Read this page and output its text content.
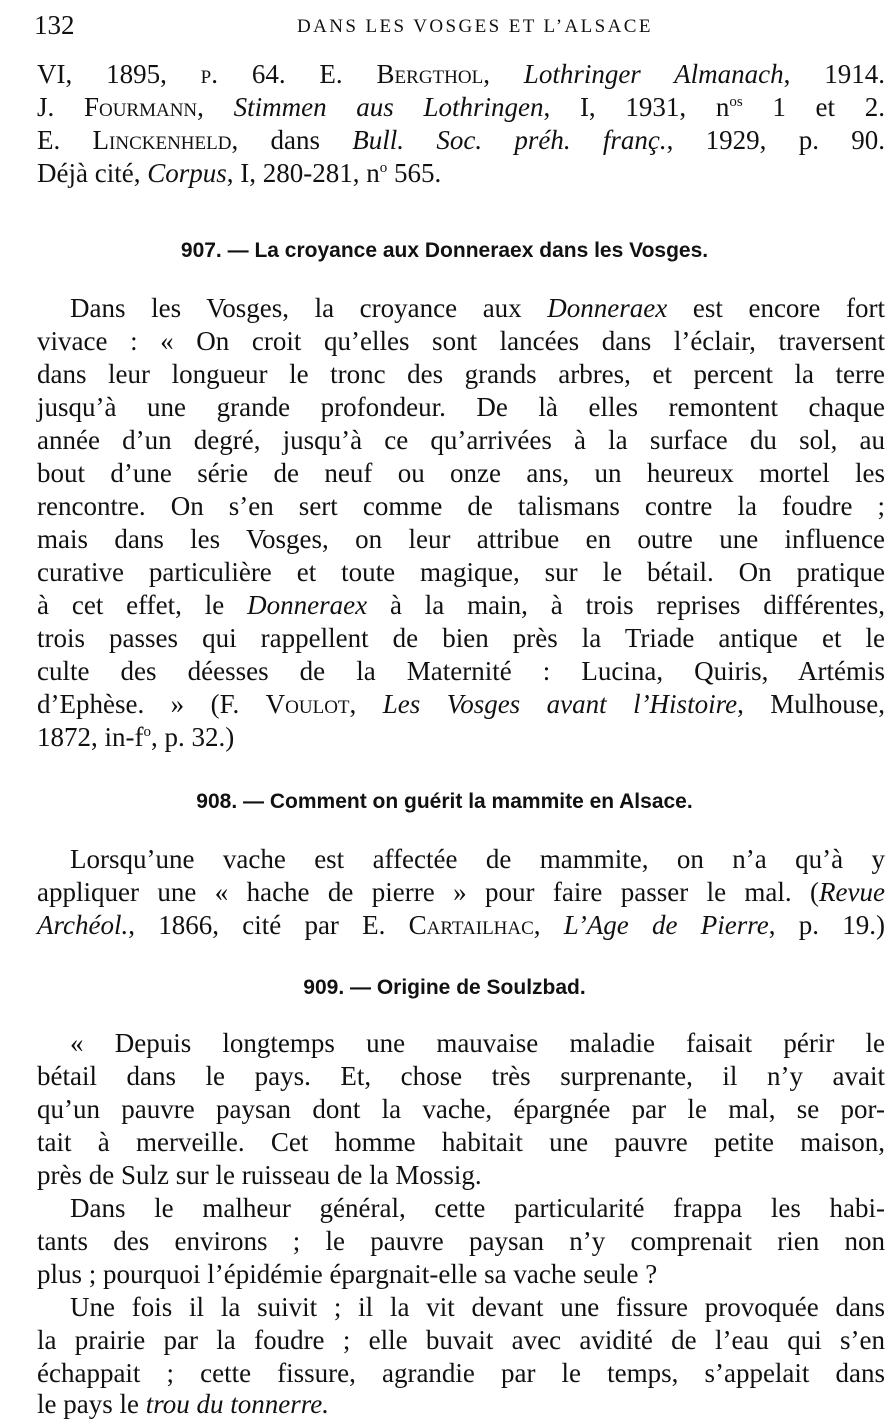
132	DANS LES VOSGES ET L’ALSACE
VI, 1895, p. 64. E. Bergthol, Lothringer Almanach, 1914.
J. Fourmann, Stimmen aus Lothringen, I, 1931, $n^{os}$ 1 et 2.
E. Linckenheld, dans Bull. Soc. préh. franç., 1929, p. 90.
Déjà cité, Corpus, I, 280-281, $n^o$ 565.
907. — La croyance aux Donneraex dans les Vosges.
Dans les Vosges, la croyance aux Donneraex est encore fort
vivace : « On croit qu’elles sont lancées dans l’éclair, traversent
dans leur longueur le tronc des grands arbres, et percent la terre
jusqu’à une grande profondeur. De là elles remontent chaque
année d’un degré, jusqu’à ce qu’arrivées à la surface du sol, au
bout d’une série de neuf ou onze ans, un heureux mortel les
rencontre. On s’en sert comme de talismans contre la foudre ;
mais dans les Vosges, on leur attribue en outre une influence
curative particulière et toute magique, sur le bétail. On pratique
à cet effet, le Donneraex à la main, à trois reprises différentes,
trois passes qui rappellent de bien près la Triade antique et le
culte des déesses de la Maternité : Lucina, Quiris, Artémis
d’Ephèse. » (F. Voulot, Les Vosges avant l’Histoire, Mulhouse,
1872, $in-f^o$, p. 32.)
908. — Comment on guérit la mammite en Alsace.
Lorsqu’une vache est affectée de mammite, on n’a qu’à y
appliquer une « hache de pierre » pour faire passer le mal. (Revue
Archéol., 1866, cité par E. Cartailhac, L’Age de Pierre, p. 19.)
909. — Origine de Soulzbad.
« Depuis longtemps une mauvaise maladie faisait périr le
bétail dans le pays. Et, chose très surprenante, il n’y avait
qu’un pauvre paysan dont la vache, épargnée par le mal, se por-
tait à merveille. Cet homme habitait une pauvre petite maison,
près de Sulz sur le ruisseau de la Mossig.
Dans le malheur général, cette particularité frappa les habi-
tants des environs ; le pauvre paysan n’y comprenait rien non
plus ; pourquoi l’épidémie épargnait-elle sa vache seule ?
Une fois il la suivit ; il la vit devant une fissure provoquée dans
la prairie par la foudre ; elle buvait avec avidité de l’eau qui s’en
échappait ; cette fissure, agrandie par le temps, s’appelait dans
le pays le trou du tonnerre.
